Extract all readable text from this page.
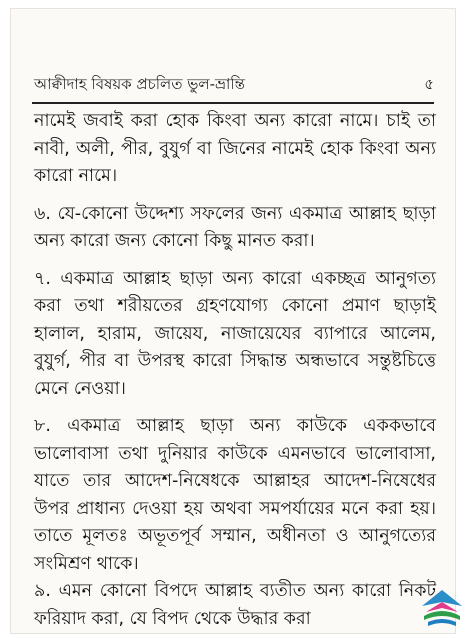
আক্বীদাহ বিষয়ক প্রচলিত ভুল-ভ্রান্তি	৫

নামেই জবাই করা হোক কিংবা অন্য কারো নামে। চাই তা নাবী, অলী, পীর, বুযুর্গ বা জিনের নামেই হোক কিংবা অন্য কারো নামে।

৬. যে-কোনো উদ্দেশ্য সফলের জন্য একমাত্র আল্লাহ ছাড়া অন্য কারো জন্য কোনো কিছু মানত করা।

৭. একমাত্র আল্লাহ ছাড়া অন্য কারো একচ্ছত্র আনুগত্য করা তথা শরীয়তের গ্রহণযোগ্য কোনো প্রমাণ ছাড়াই হালাল, হারাম, জায়েয, নাজায়েযের ব্যাপারে আলেম, বুযুর্গ, পীর বা উপরস্থ কারো সিদ্ধান্ত অন্ধভাবে সন্তুষ্টচিত্তে মেনে নেওয়া।

৮. একমাত্র আল্লাহ ছাড়া অন্য কাউকে এককভাবে ভালোবাসা তথা দুনিয়ার কাউকে এমনভাবে ভালোবাসা, যাতে তার আদেশ-নিষেধকে আল্লাহর আদেশ-নিষেধের উপর প্রাধান্য দেওয়া হয় অথবা সমপর্যায়ের মনে করা হয়। তাতে মূলতঃ অভূতপূর্ব সম্মান, অধীনতা ও আনুগত্যের সংমিশ্রণ থাকে।

৯. এমন কোনো বিপদে আল্লাহ ব্যতীত অন্য কারো নিকট ফরিয়াদ করা, যে বিপদ থেকে উদ্ধার করা
